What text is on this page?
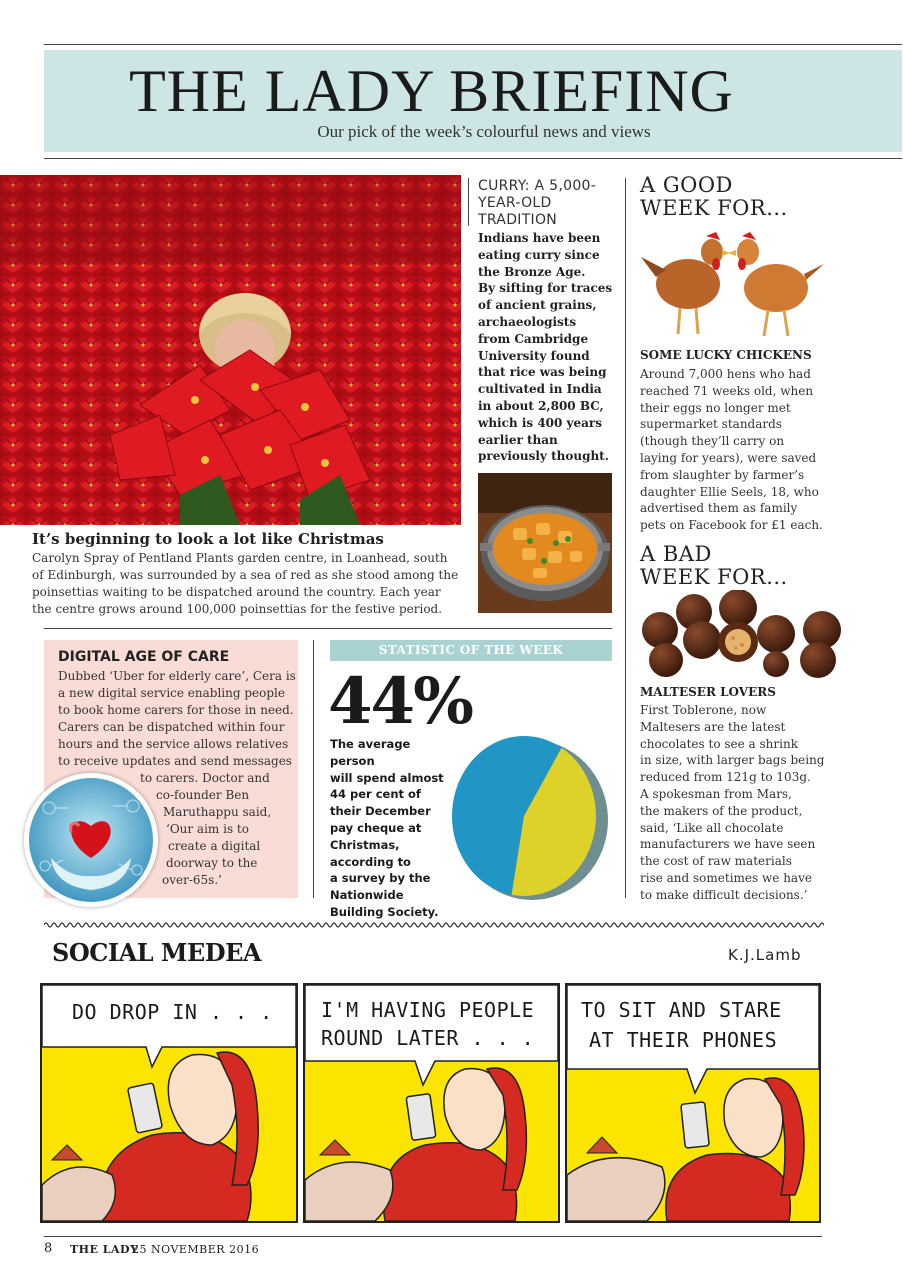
THE LADY BRIEFING
Our pick of the week’s colourful news and views
It’s beginning to look a lot like Christmas
Carolyn Spray of Pentland Plants garden centre, in Loanhead, south
of Edinburgh, was surrounded by a sea of red as she stood among the
poinsettias waiting to be dispatched around the country. Each year
the centre grows around 100,000 poinsettias for the festive period.
CURRY: A 5,000-
YEAR-OLD
TRADITION
Indians have been
eating curry since
the Bronze Age.
By sifting for traces
of ancient grains,
archaeologists
from Cambridge
University found
that rice was being
cultivated in India
in about 2,800 BC,
which is 400 years
earlier than
previously thought.
A GOOD
WEEK FOR...
SOME LUCKY CHICKENS
Around 7,000 hens who had
reached 71 weeks old, when
their eggs no longer met
supermarket standards
(though they’ll carry on
laying for years), were saved
from slaughter by farmer’s
daughter Ellie Seels, 18, who
advertised them as family
pets on Facebook for £1 each.
A BAD
WEEK FOR...
MALTESER LOVERS
First Toblerone, now
Maltesers are the latest
chocolates to see a shrink
in size, with larger bags being
reduced from 121g to 103g.
A spokesman from Mars,
the makers of the product,
said, ‘Like all chocolate
manufacturers we have seen
the cost of raw materials
rise and sometimes we have
to make difficult decisions.’
DIGITAL AGE OF CARE
Dubbed ‘Uber for elderly care’, Cera is
a new digital service enabling people
to book home carers for those in need.
Carers can be dispatched within four
hours and the service allows relatives
to receive updates and send messages
to carers. Doctor and
co-founder Ben
Maruthappu said,
‘Our aim is to
create a digital
doorway to the
over-65s.’
STATISTIC OF THE WEEK
44%
The average person
will spend almost
44 per cent of
their December
pay cheque at
Christmas,
according to
a survey by the
Nationwide
Building Society.
SOCIAL MEDEA	K.J.Lamb
DO DROP IN . . . I'M HAVING PEOPLE
ROUND LATER . . .
TO SIT AND STARE
AT THEIR PHONES
8 THE LADY
25 NOVEMBER 2016
